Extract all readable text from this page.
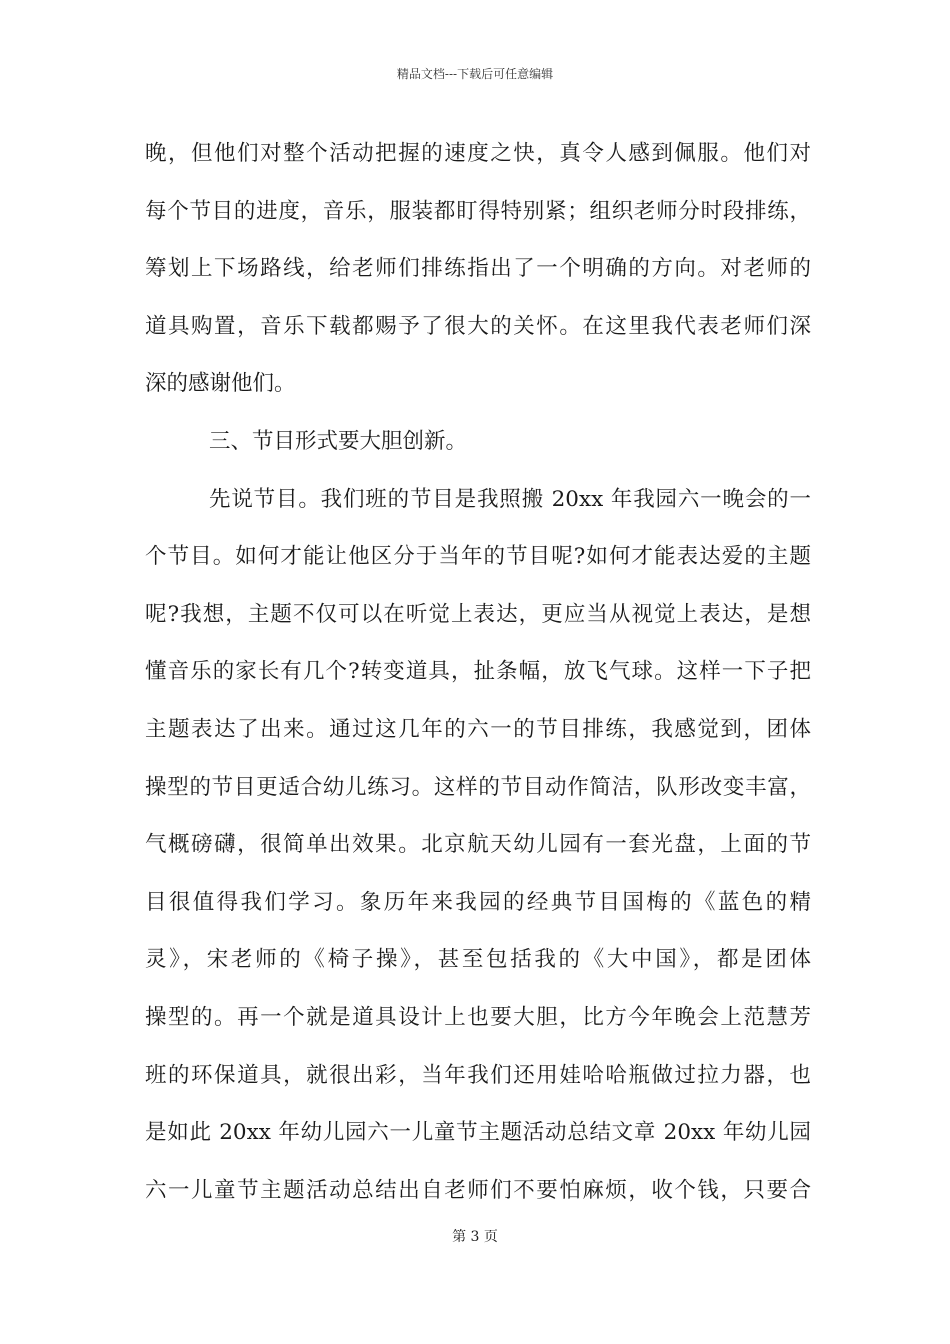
精品文档---下载后可任意编辑
晚，但他们对整个活动把握的速度之快，真令人感到佩服。他们对
每个节目的进度，音乐，服装都盯得特别紧；组织老师分时段排练，
筹划上下场路线，给老师们排练指出了一个明确的方向。对老师的
道具购置，音乐下载都赐予了很大的关怀。在这里我代表老师们深
深的感谢他们。
三、节目形式要大胆创新。
先说节目。我们班的节目是我照搬 20xx 年我园六一晚会的一
个节目。如何才能让他区分于当年的节目呢?如何才能表达爱的主题
呢?我想，主题不仅可以在听觉上表达，更应当从视觉上表达，是想
懂音乐的家长有几个?转变道具，扯条幅，放飞气球。这样一下子把
主题表达了出来。通过这几年的六一的节目排练，我感觉到，团体
操型的节目更适合幼儿练习。这样的节目动作简洁，队形改变丰富，
气概磅礴，很简单出效果。北京航天幼儿园有一套光盘，上面的节
目很值得我们学习。象历年来我园的经典节目国梅的《蓝色的精
灵》，宋老师的《椅子操》，甚至包括我的《大中国》，都是团体
操型的。再一个就是道具设计上也要大胆，比方今年晚会上范慧芳
班的环保道具，就很出彩，当年我们还用娃哈哈瓶做过拉力器，也
是如此 20xx 年幼儿园六一儿童节主题活动总结文章 20xx 年幼儿园
六一儿童节主题活动总结出自老师们不要怕麻烦，收个钱，只要合
第 3 页
